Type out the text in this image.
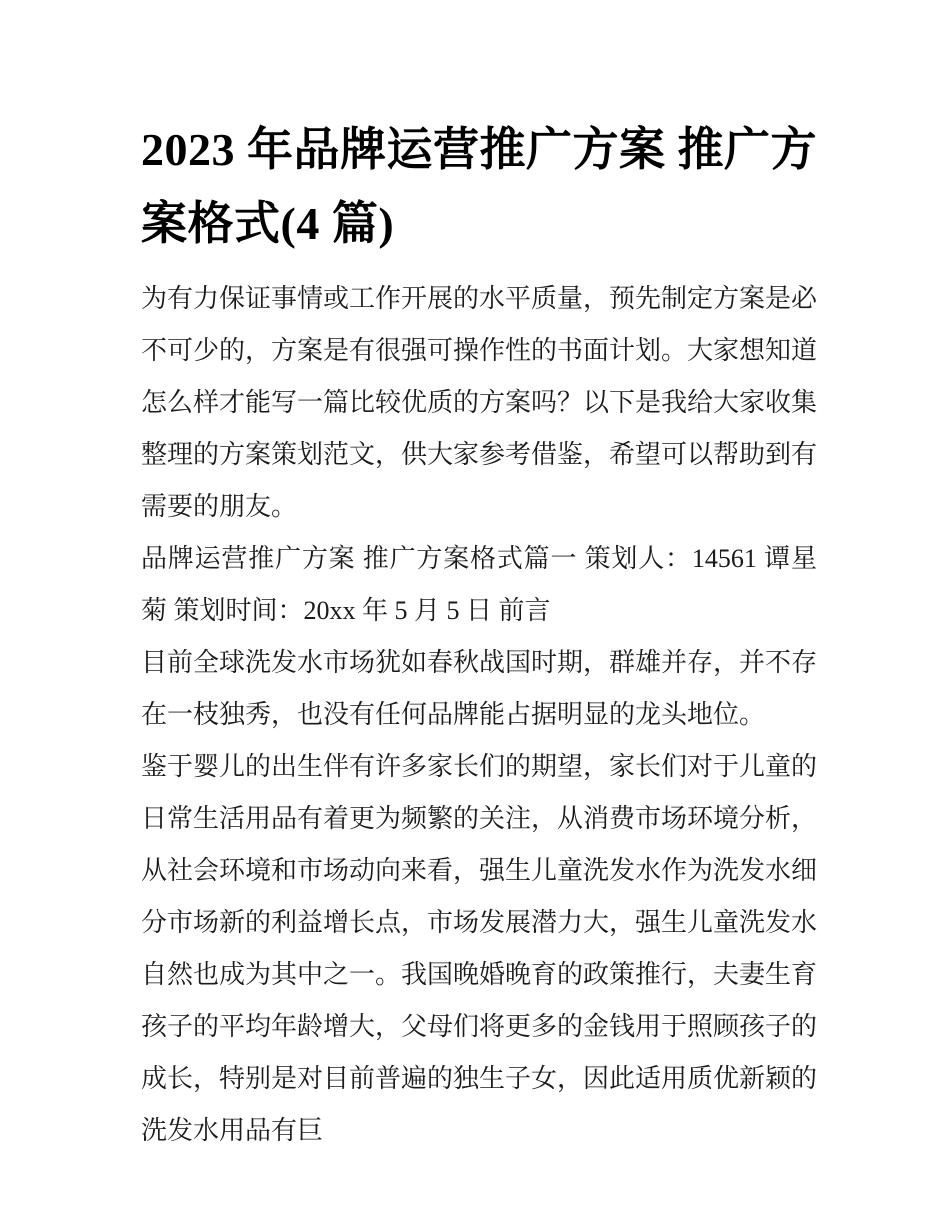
2023 年品牌运营推广方案 推广方案格式(4 篇)

为有力保证事情或工作开展的水平质量，预先制定方案是必不可少的，方案是有很强可操作性的书面计划。大家想知道怎么样才能写一篇比较优质的方案吗？以下是我给大家收集整理的方案策划范文，供大家参考借鉴，希望可以帮助到有需要的朋友。

品牌运营推广方案 推广方案格式篇一 策划人：14561 谭星菊 策划时间：20xx 年 5 月 5 日 前言

目前全球洗发水市场犹如春秋战国时期，群雄并存，并不存在一枝独秀，也没有任何品牌能占据明显的龙头地位。

鉴于婴儿的出生伴有许多家长们的期望，家长们对于儿童的日常生活用品有着更为频繁的关注，从消费市场环境分析，从社会环境和市场动向来看，强生儿童洗发水作为洗发水细分市场新的利益增长点，市场发展潜力大，强生儿童洗发水自然也成为其中之一。我国晚婚晚育的政策推行，夫妻生育孩子的平均年龄增大，父母们将更多的金钱用于照顾孩子的成长，特别是对目前普遍的独生子女，因此适用质优新颖的洗发水用品有巨
